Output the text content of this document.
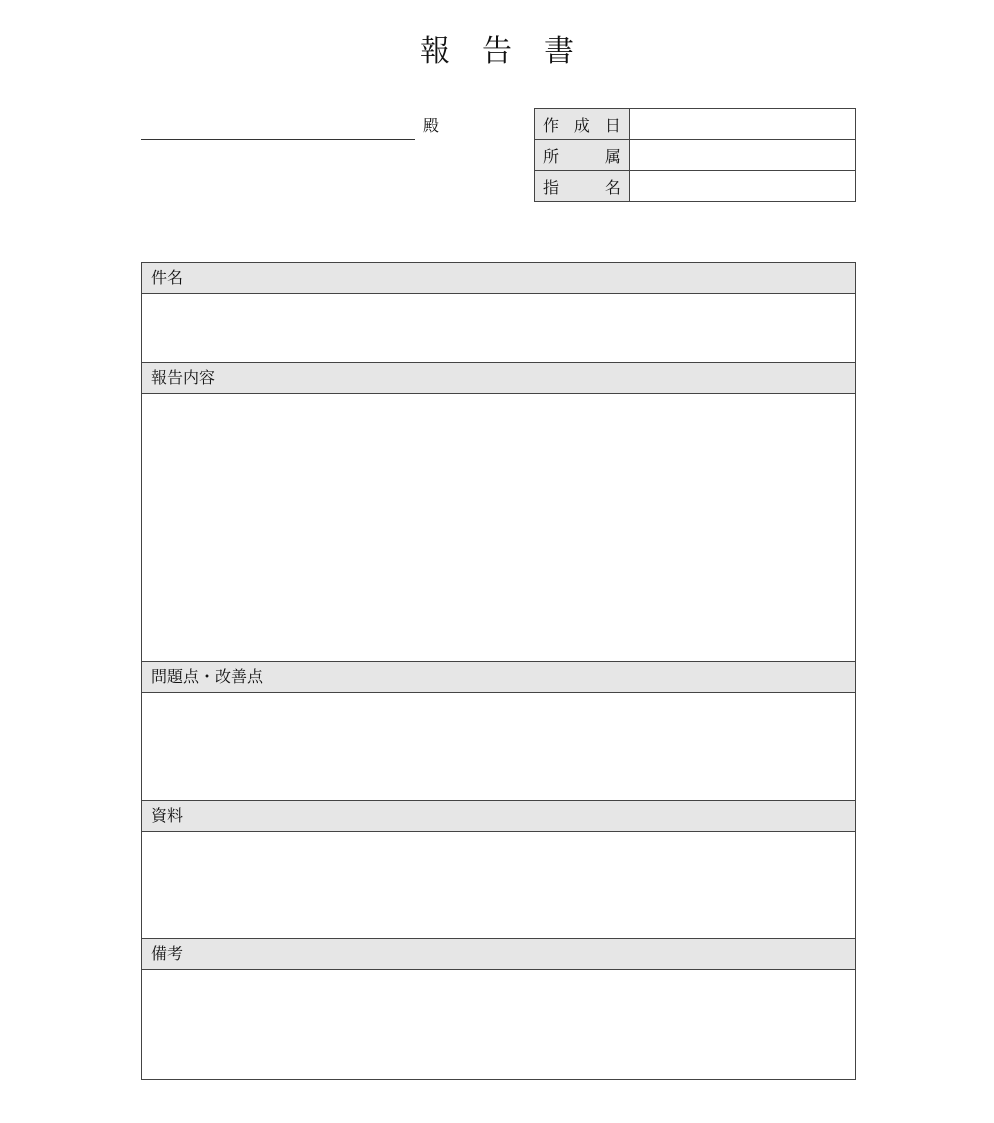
報 告 書
殿	作 成 日	

所 属	

指 名	

件名
報告内容
問題点・改善点
資料
備考
